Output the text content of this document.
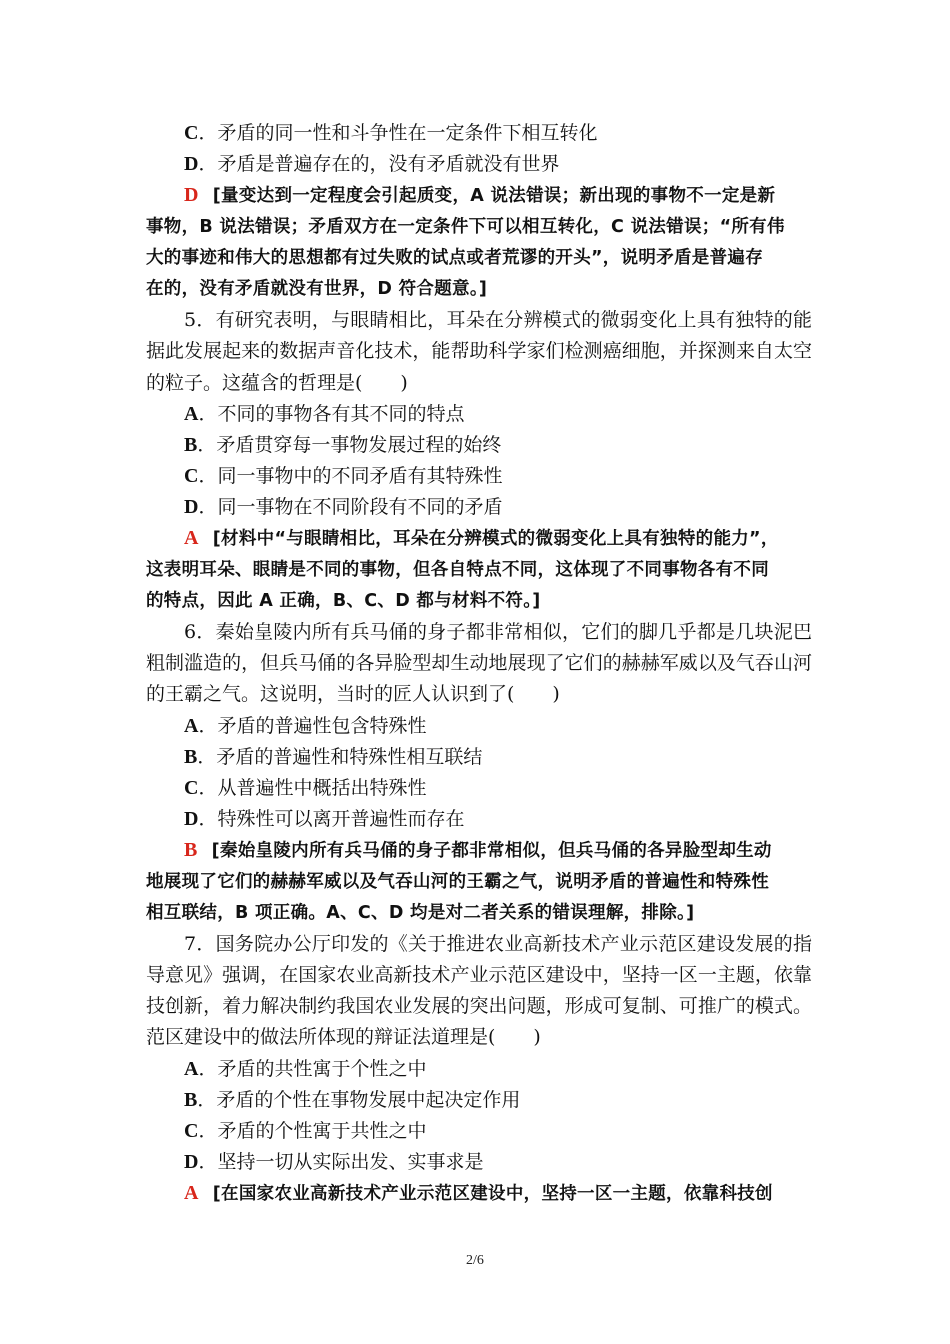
C．矛盾的同一性和斗争性在一定条件下相互转化
D．矛盾是普遍存在的，没有矛盾就没有世界
D [量变达到一定程度会引起质变，A 说法错误；新出现的事物不一定是新
事物，B 说法错误；矛盾双方在一定条件下可以相互转化，C 说法错误；“所有伟
大的事迹和伟大的思想都有过失败的试点或者荒谬的开头”，说明矛盾是普遍存
在的，没有矛盾就没有世界，D 符合题意。]
5．有研究表明，与眼睛相比，耳朵在分辨模式的微弱变化上具有独特的能
据此发展起来的数据声音化技术，能帮助科学家们检测癌细胞，并探测来自太空
的粒子。这蕴含的哲理是(　　)
A．不同的事物各有其不同的特点
B．矛盾贯穿每一事物发展过程的始终
C．同一事物中的不同矛盾有其特殊性
D．同一事物在不同阶段有不同的矛盾
A [材料中“与眼睛相比，耳朵在分辨模式的微弱变化上具有独特的能力”，
这表明耳朵、眼睛是不同的事物，但各自特点不同，这体现了不同事物各有不同
的特点，因此 A 正确，B、C、D 都与材料不符。]
6．秦始皇陵内所有兵马俑的身子都非常相似，它们的脚几乎都是几块泥巴
粗制滥造的，但兵马俑的各异脸型却生动地展现了它们的赫赫军威以及气吞山河
的王霸之气。这说明，当时的匠人认识到了(　　)
A．矛盾的普遍性包含特殊性
B．矛盾的普遍性和特殊性相互联结
C．从普遍性中概括出特殊性
D．特殊性可以离开普遍性而存在
B [秦始皇陵内所有兵马俑的身子都非常相似，但兵马俑的各异脸型却生动
地展现了它们的赫赫军威以及气吞山河的王霸之气，说明矛盾的普遍性和特殊性
相互联结，B 项正确。A、C、D 均是对二者关系的错误理解，排除。]
7．国务院办公厅印发的《关于推进农业高新技术产业示范区建设发展的指
导意见》强调，在国家农业高新技术产业示范区建设中，坚持一区一主题，依靠
技创新，着力解决制约我国农业发展的突出问题，形成可复制、可推广的模式。
范区建设中的做法所体现的辩证法道理是(　　)
A．矛盾的共性寓于个性之中
B．矛盾的个性在事物发展中起决定作用
C．矛盾的个性寓于共性之中
D．坚持一切从实际出发、实事求是
A [在国家农业高新技术产业示范区建设中，坚持一区一主题，依靠科技创
2/6
